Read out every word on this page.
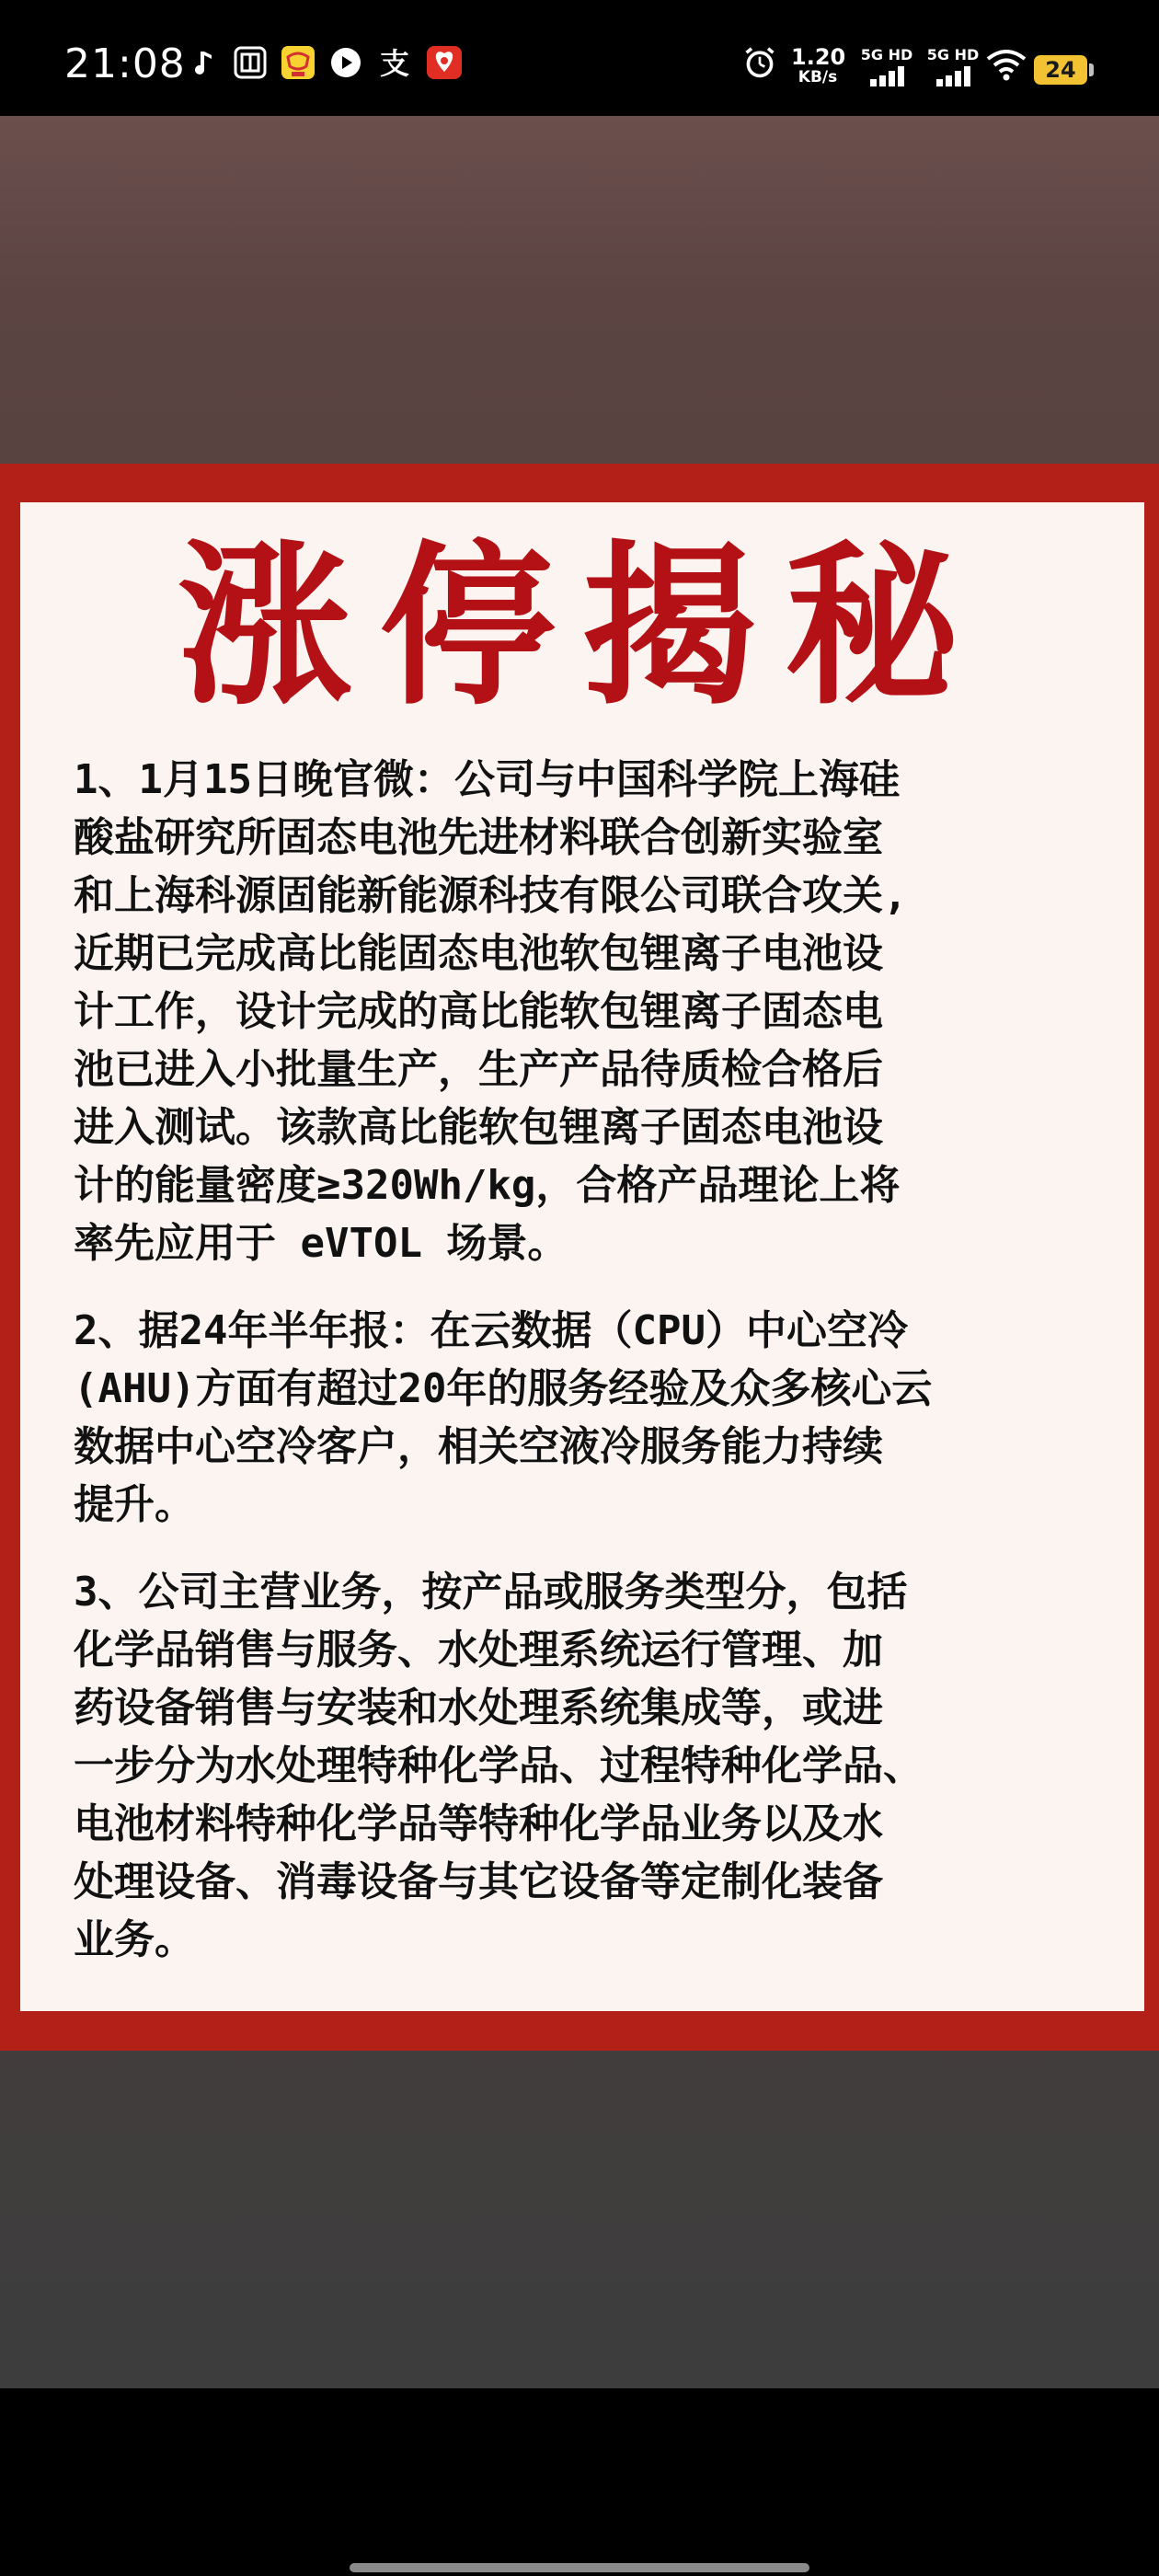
21:08	支	1.20
KB/s
5G HD 5G HD
24
涨停揭秘
1、1月15日晚官微：公司与中国科学院上海硅
酸盐研究所固态电池先进材料联合创新实验室
和上海科源固能新能源科技有限公司联合攻关,
近期已完成高比能固态电池软包锂离子电池设
计工作，设计完成的高比能软包锂离子固态电
池已进入小批量生产，生产产品待质检合格后
进入测试。该款高比能软包锂离子固态电池设
计的能量密度≥320Wh/kg，合格产品理论上将
率先应用于 eVTOL 场景。
2、据24年半年报：在云数据（CPU）中心空冷
(AHU)方面有超过20年的服务经验及众多核心云
数据中心空冷客户，相关空液冷服务能力持续
提升。
3、公司主营业务，按产品或服务类型分，包括
化学品销售与服务、水处理系统运行管理、加
药设备销售与安装和水处理系统集成等，或进
一步分为水处理特种化学品、过程特种化学品、
电池材料特种化学品等特种化学品业务以及水
处理设备、消毒设备与其它设备等定制化装备
业务。
